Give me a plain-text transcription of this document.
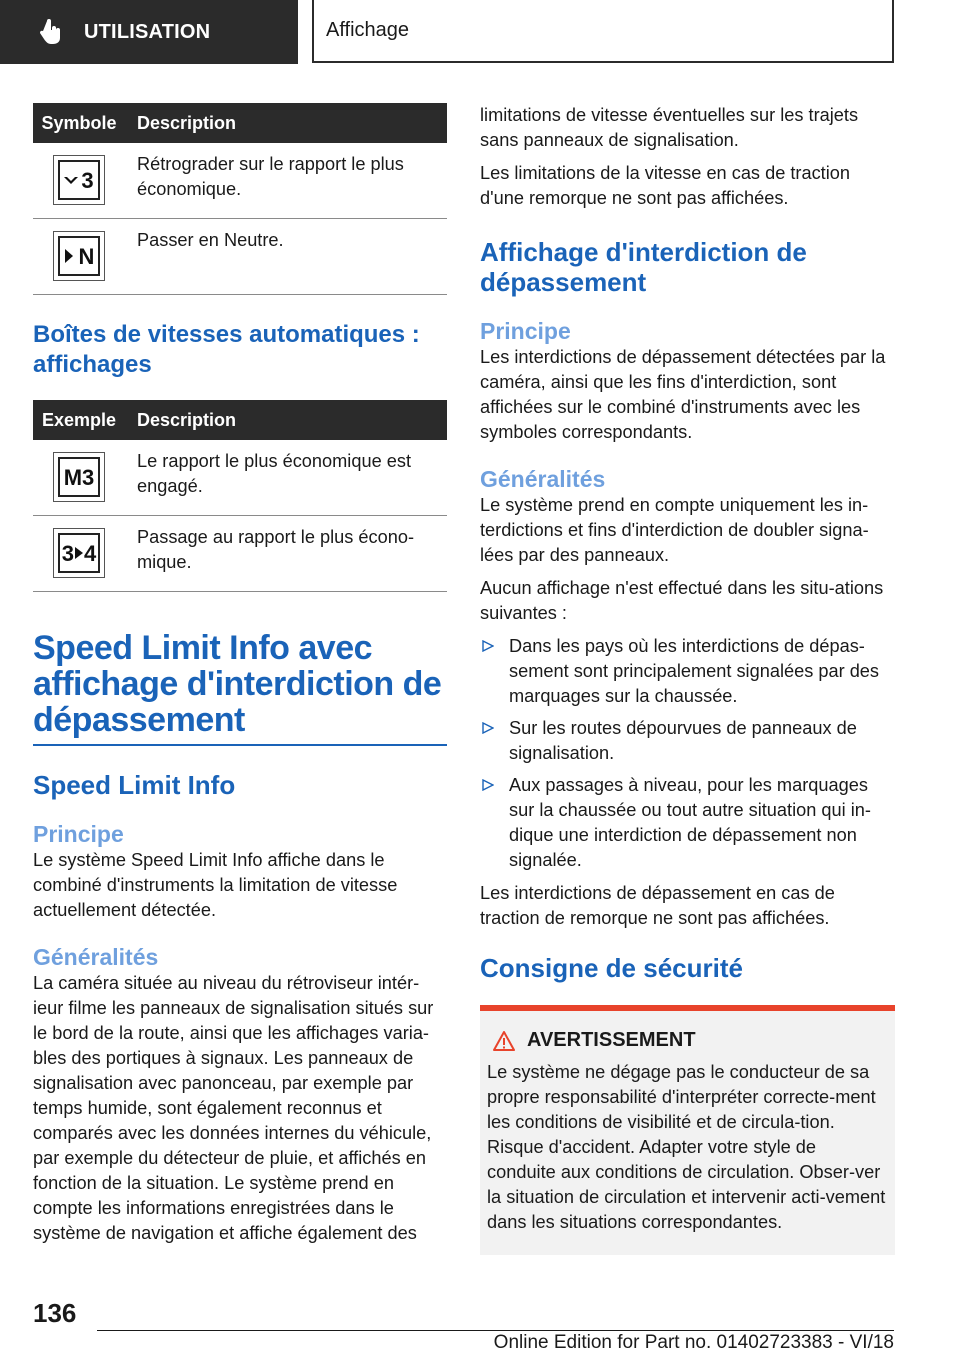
UTILISATION	Affichage
Symbole	Description

3	Rétrograder sur le rapport le plus économique.

N	Passer en Neutre.
Boîtes de vitesses automatiques : affichages
Exemple	Description

M3	Le rapport le plus économique est engagé.

3 4	Passage au rapport le plus écono-mique.
Speed Limit Info avec affichage d'interdiction de dépassement
Speed Limit Info
Principe

Le système Speed Limit Info affiche dans le combiné d'instruments la limitation de vitesse actuellement détectée.

Généralités

La caméra située au niveau du rétroviseur intér-ieur filme les panneaux de signalisation situés sur le bord de la route, ainsi que les affichages varia-bles des portiques à signaux. Les panneaux de signalisation avec panonceau, par exemple par temps humide, sont également reconnus et comparés avec les données internes du véhicule, par exemple du détecteur de pluie, et affichés en fonction de la situation. Le système prend en compte les informations enregistrées dans le système de navigation et affiche également des

limitations de vitesse éventuelles sur les trajets sans panneaux de signalisation.

Les limitations de la vitesse en cas de traction d'une remorque ne sont pas affichées.

Affichage d'interdiction de dépassement
Principe

Les interdictions de dépassement détectées par la caméra, ainsi que les fins d'interdiction, sont affichées sur le combiné d'instruments avec les symboles correspondants.

Généralités

Le système prend en compte uniquement les in-terdictions et fins d'interdiction de doubler signa-lées par des panneaux.

Aucun affichage n'est effectué dans les situ-ations suivantes :

Dans les pays où les interdictions de dépas-sement sont principalement signalées par des marquages sur la chaussée.
Sur les routes dépourvues de panneaux de signalisation.
Aux passages à niveau, pour les marquages sur la chaussée ou tout autre situation qui in-dique une interdiction de dépassement non signalée.

Les interdictions de dépassement en cas de traction de remorque ne sont pas affichées.

Consigne de sécurité
AVERTISSEMENT

Le système ne dégage pas le conducteur de sa propre responsabilité d'interpréter correcte-ment les conditions de visibilité et de circula-tion. Risque d'accident. Adapter votre style de conduite aux conditions de circulation. Obser-ver la situation de circulation et intervenir acti-vement dans les situations correspondantes.

136
Online Edition for Part no. 01402723383 - VI/18
